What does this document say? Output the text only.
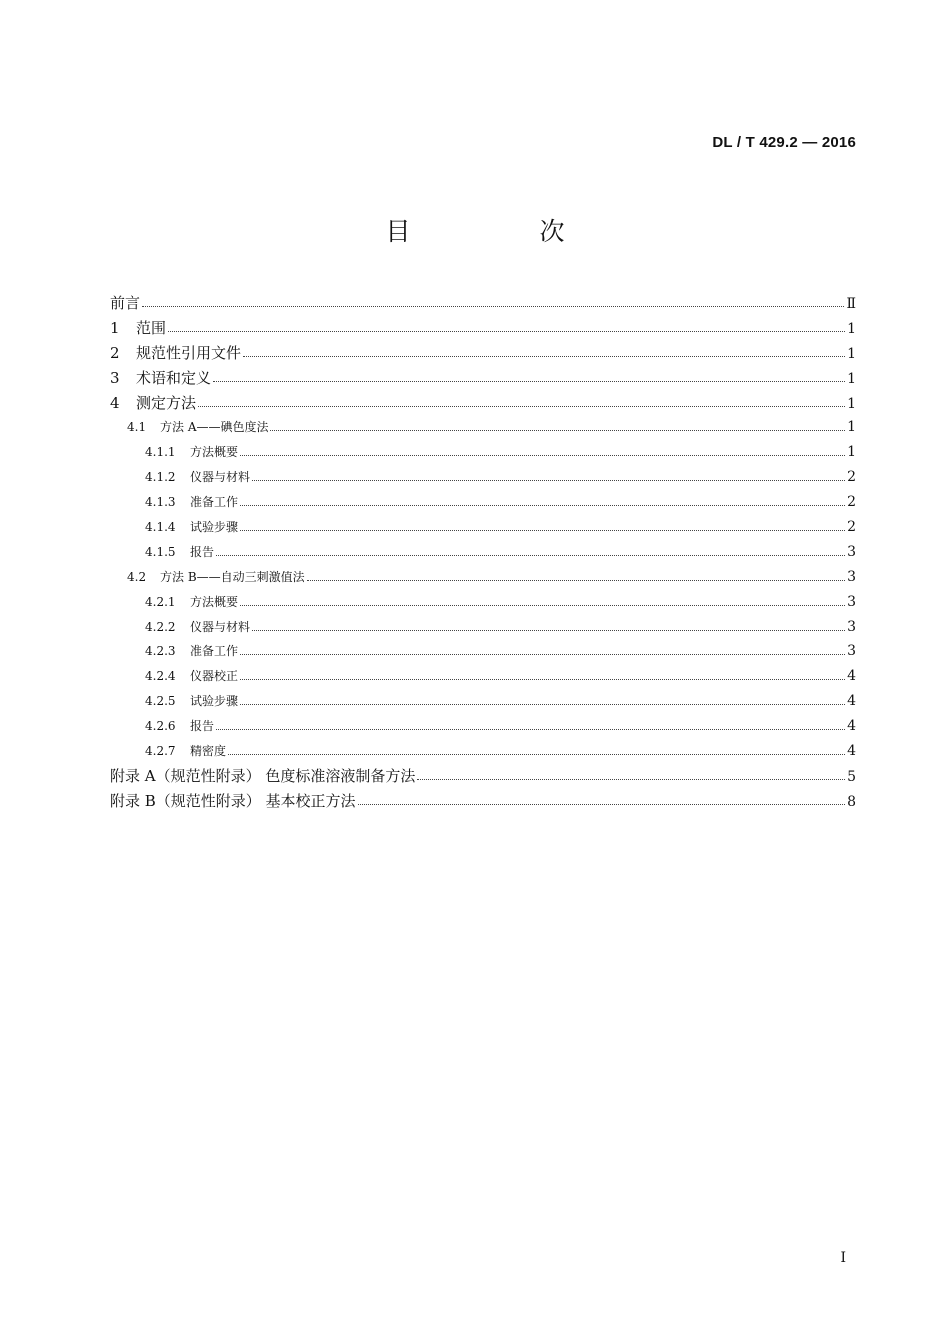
DL / T 429.2 — 2016
目　次
前言	Ⅱ
1	范围	1
2	规范性引用文件	1
3	术语和定义	1
4	测定方法	1
4.1	方法 A——碘色度法	1
4.1.1	方法概要	1
4.1.2	仪器与材料	2
4.1.3	准备工作	2
4.1.4	试验步骤	2
4.1.5	报告	3
4.2	方法 B——自动三刺激值法	3
4.2.1	方法概要	3
4.2.2	仪器与材料	3
4.2.3	准备工作	3
4.2.4	仪器校正	4
4.2.5	试验步骤	4
4.2.6	报告	4
4.2.7	精密度	4
附录 A（规范性附录） 色度标准溶液制备方法	5
附录 B（规范性附录） 基本校正方法	8
I
